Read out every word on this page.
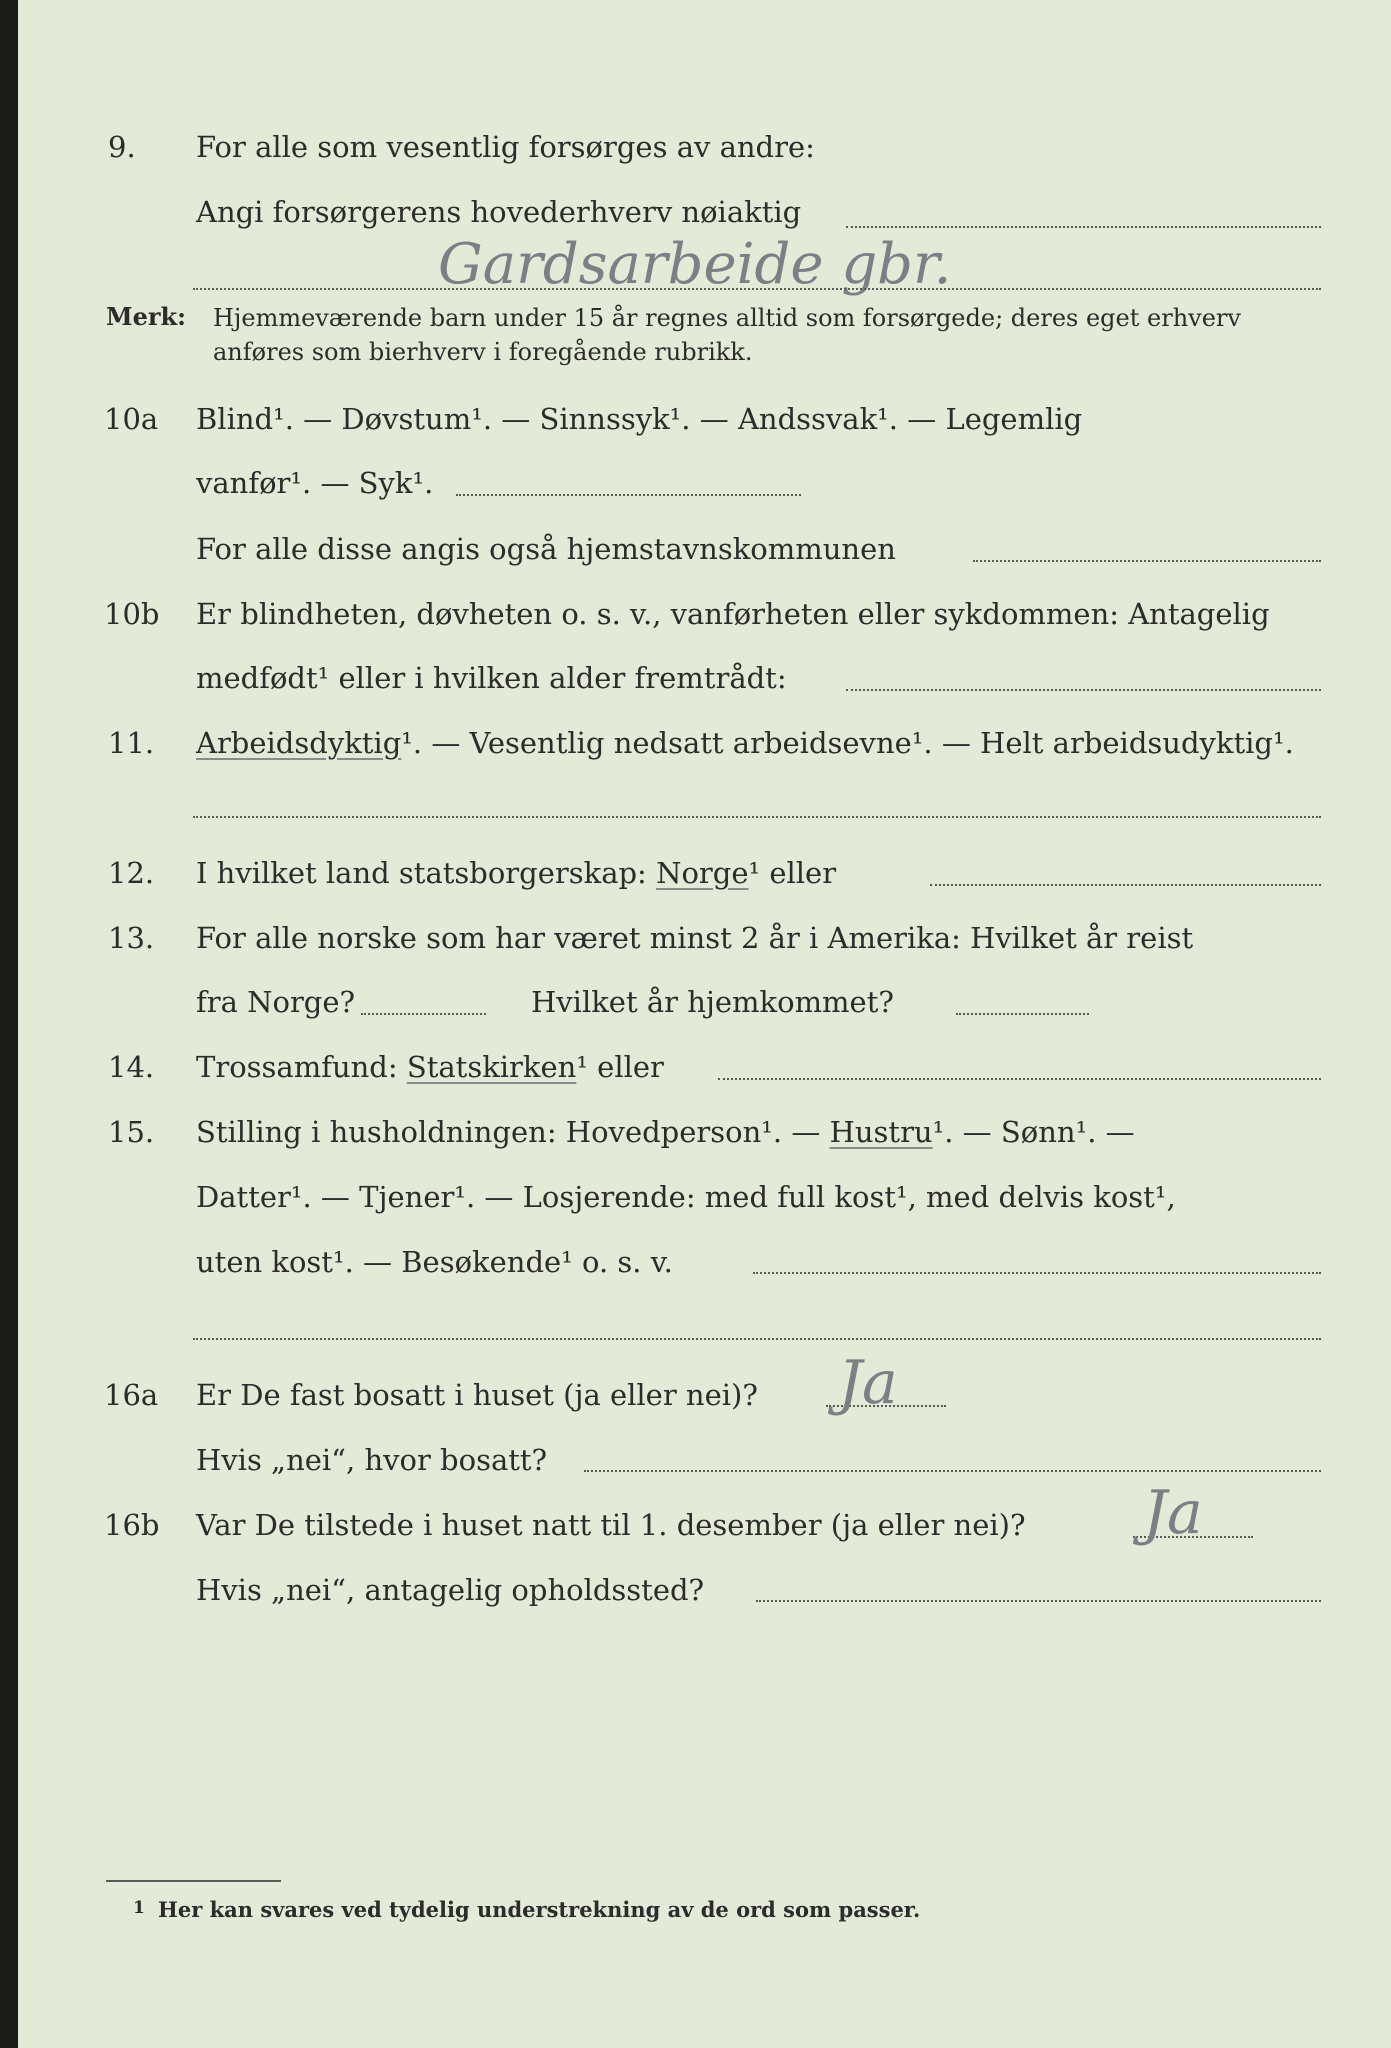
9. For alle som vesentlig forsørges av andre:
Angi forsørgerens hovederhverv nøiaktig
Gardsarbeide gbr.
Merk: Hjemmeværende barn under 15 år regnes alltid som forsørgede; deres eget erhverv
anføres som bierhverv i foregående rubrikk.
10a Blind¹. — Døvstum¹. — Sinnssyk¹. — Andssvak¹. — Legemlig
vanfør¹. — Syk¹.
For alle disse angis også hjemstavnskommunen
10b Er blindheten, døvheten o. s. v., vanførheten eller sykdommen: Antagelig
medfødt¹ eller i hvilken alder fremtrådt:
11. Arbeidsdyktig¹. — Vesentlig nedsatt arbeidsevne¹. — Helt arbeidsudyktig¹.
12. I hvilket land statsborgerskap: Norge¹ eller
13. For alle norske som har været minst 2 år i Amerika: Hvilket år reist
fra Norge?	Hvilket år hjemkommet?
14. Trossamfund: Statskirken¹ eller
15. Stilling i husholdningen: Hovedperson¹. — Hustru¹. — Sønn¹. —
Datter¹. — Tjener¹. — Losjerende: med full kost¹, med delvis kost¹,
uten kost¹. — Besøkende¹ o. s. v.
16a Er De fast bosatt i huset (ja eller nei)? Ja
Hvis „nei“, hvor bosatt?
16b Var De tilstede i huset natt til 1. desember (ja eller nei)? Ja
Hvis „nei“, antagelig opholdssted?
1 Her kan svares ved tydelig understrekning av de ord som passer.
